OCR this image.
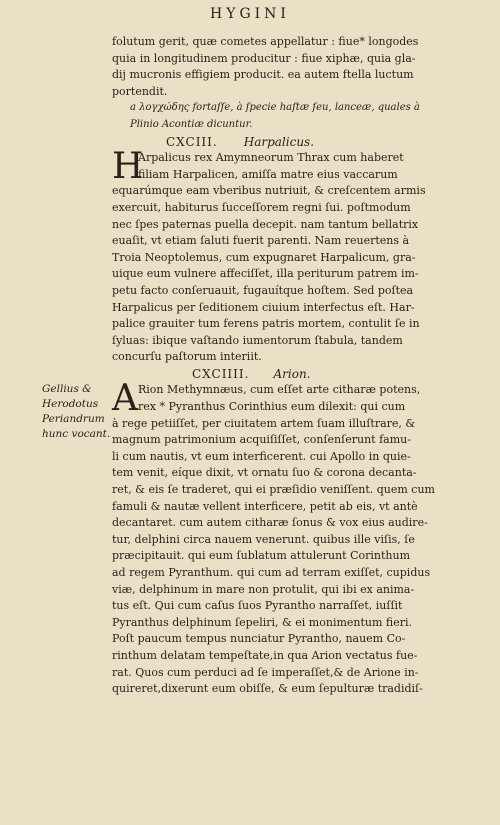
HYGINI
Gellius &
Herodotus
Periandrum
hunc vocant.
folutum gerit, quæ cometes appellatur : fiue* longodes
quia in longitudinem producitur : fiue xiphæ, quia gla-
dij mucronis effigiem producit. ea autem ftella luctum
portendit.
a λογχώδης fortaſſe, à ſpecie haſtæ ſeu, lanceæ, quales à
Plinio Acontiæ dicuntur.
CXCIII. Harpalicus.
H
Arpalicus rex Amymneorum Thrax cum haberet
filiam Harpalicen, amiſſa matre eius vaccarum
equarúmque eam vberibus nutriuit, & creſcentem armis
exercuit, habiturus ſucceſſorem regni ſui. poſtmodum
nec ſpes paternas puella decepit. nam tantum bellatrix
euaſit, vt etiam ſaluti fuerit parenti. Nam reuertens à
Troia Neoptolemus, cum expugnaret Harpalicum, gra-
uique eum vulnere affeciſſet, illa periturum patrem im-
petu facto conſeruauit, fugauítque hoſtem. Sed poſtea
Harpalicus per ſeditionem ciuium interfectus eſt. Har-
palice grauiter tum ferens patris mortem, contulit ſe in
ſyluas: ibique vaſtando iumentorum ſtabula, tandem
concurſu paſtorum interiit.
CXCIIII. Arion.
A Rion Methymnæus, cum eſſet arte citharæ potens,
rex * Pyranthus Corinthius eum dilexit: qui cum
à rege petiiſſet, per ciuitatem artem ſuam illuſtrare, &
magnum patrimonium acquiſiſſet, conſenſerunt famu-
li cum nautis, vt eum interficerent. cui Apollo in quie-
tem venit, eíque dixit, vt ornatu ſuo & corona decanta-
ret, & eis ſe traderet, qui ei præſidio veniſſent. quem cum
famuli & nautæ vellent interficere, petit ab eis, vt antè
decantaret. cum autem citharæ ſonus & vox eius audire-
tur, delphini circa nauem venerunt. quibus ille viſis, ſe
præcipitauit. qui eum ſublatum attulerunt Corinthum
ad regem Pyranthum. qui cum ad terram exiſſet, cupidus
viæ, delphinum in mare non protulit, qui ibi ex anima-
tus eſt. Qui cum caſus ſuos Pyrantho narraſſet, iuſſit
Pyranthus delphinum ſepeliri, & ei monimentum fieri.
Poſt paucum tempus nunciatur Pyrantho, nauem Co-
rinthum delatam tempeſtate,in qua Arion vectatus fue-
rat. Quos cum perduci ad ſe imperaſſet,& de Arione in-
quireret,dixerunt eum obiſſe, & eum ſepulturæ tradidiſ-
